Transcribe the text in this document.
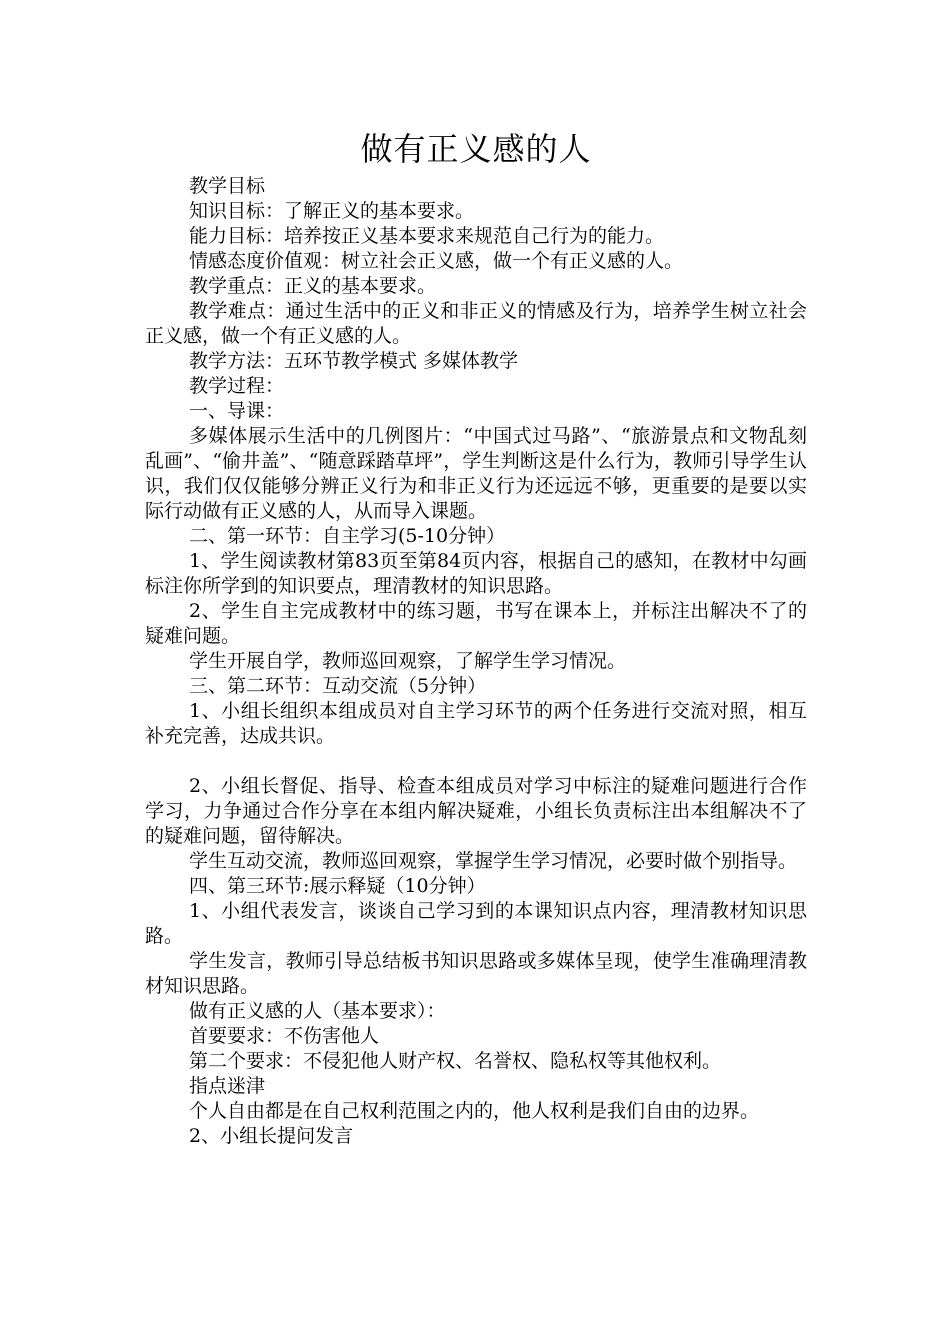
做有正义感的人

教学目标

知识目标：了解正义的基本要求。

能力目标：培养按正义基本要求来规范自己行为的能力。

情感态度价值观：树立社会正义感，做一个有正义感的人。

教学重点：正义的基本要求。

教学难点：通过生活中的正义和非正义的情感及行为，培养学生树立社会正义感，做一个有正义感的人。

教学方法：五环节教学模式 多媒体教学

教学过程：

一、导课：

多媒体展示生活中的几例图片：“中国式过马路”、“旅游景点和文物乱刻乱画”、“偷井盖”、“随意踩踏草坪”，学生判断这是什么行为，教师引导学生认识，我们仅仅能够分辨正义行为和非正义行为还远远不够，更重要的是要以实际行动做有正义感的人，从而导入课题。

二、第一环节：自主学习(5-10分钟）

1、学生阅读教材第83页至第84页内容，根据自己的感知，在教材中勾画标注你所学到的知识要点，理清教材的知识思路。

2、学生自主完成教材中的练习题，书写在课本上，并标注出解决不了的疑难问题。

学生开展自学，教师巡回观察，了解学生学习情况。

三、第二环节：互动交流（5分钟）

1、小组长组织本组成员对自主学习环节的两个任务进行交流对照，相互补充完善，达成共识。

2、小组长督促、指导、检查本组成员对学习中标注的疑难问题进行合作学习，力争通过合作分享在本组内解决疑难，小组长负责标注出本组解决不了的疑难问题，留待解决。

学生互动交流，教师巡回观察，掌握学生学习情况，必要时做个别指导。

四、第三环节:展示释疑（10分钟）

1、小组代表发言，谈谈自己学习到的本课知识点内容，理清教材知识思路。

学生发言，教师引导总结板书知识思路或多媒体呈现，使学生准确理清教材知识思路。

做有正义感的人（基本要求）：

首要要求：不伤害他人

第二个要求：不侵犯他人财产权、名誉权、隐私权等其他权利。

指点迷津

个人自由都是在自己权利范围之内的，他人权利是我们自由的边界。

2、小组长提问发言
